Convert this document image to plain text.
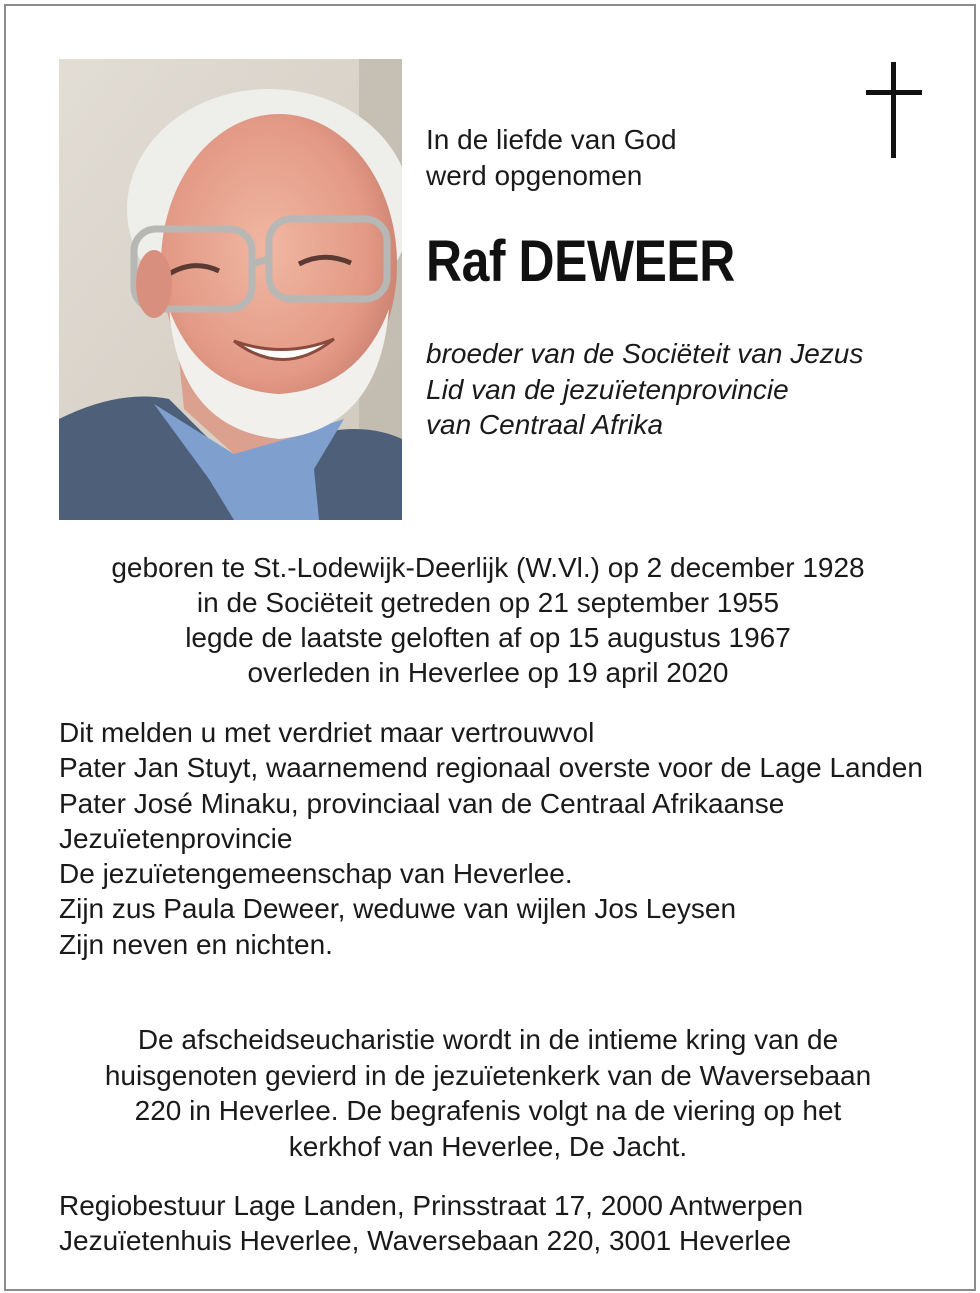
In de liefde van God
werd opgenomen
Raf DEWEER
broeder van de Sociëteit van Jezus
Lid van de jezuïetenprovincie
van Centraal Afrika
geboren te St.-Lodewijk-Deerlijk (W.Vl.) op 2 december 1928
in de Sociëteit getreden op 21 september 1955
legde de laatste geloften af op 15 augustus 1967
overleden in Heverlee op 19 april 2020
Dit melden u met verdriet maar vertrouwvol
Pater Jan Stuyt, waarnemend regionaal overste voor de Lage Landen
Pater José Minaku, provinciaal van de Centraal Afrikaanse Jezuïetenprovincie
De jezuïetengemeenschap van Heverlee.
Zijn zus Paula Deweer, weduwe van wijlen Jos Leysen
Zijn neven en nichten.
De afscheidseucharistie wordt in de intieme kring van de
huisgenoten gevierd in de jezuïetenkerk van de Waversebaan
220 in Heverlee. De begrafenis volgt na de viering op het
kerkhof van Heverlee, De Jacht.
Regiobestuur Lage Landen, Prinsstraat 17, 2000 Antwerpen
Jezuïetenhuis Heverlee, Waversebaan 220, 3001 Heverlee
